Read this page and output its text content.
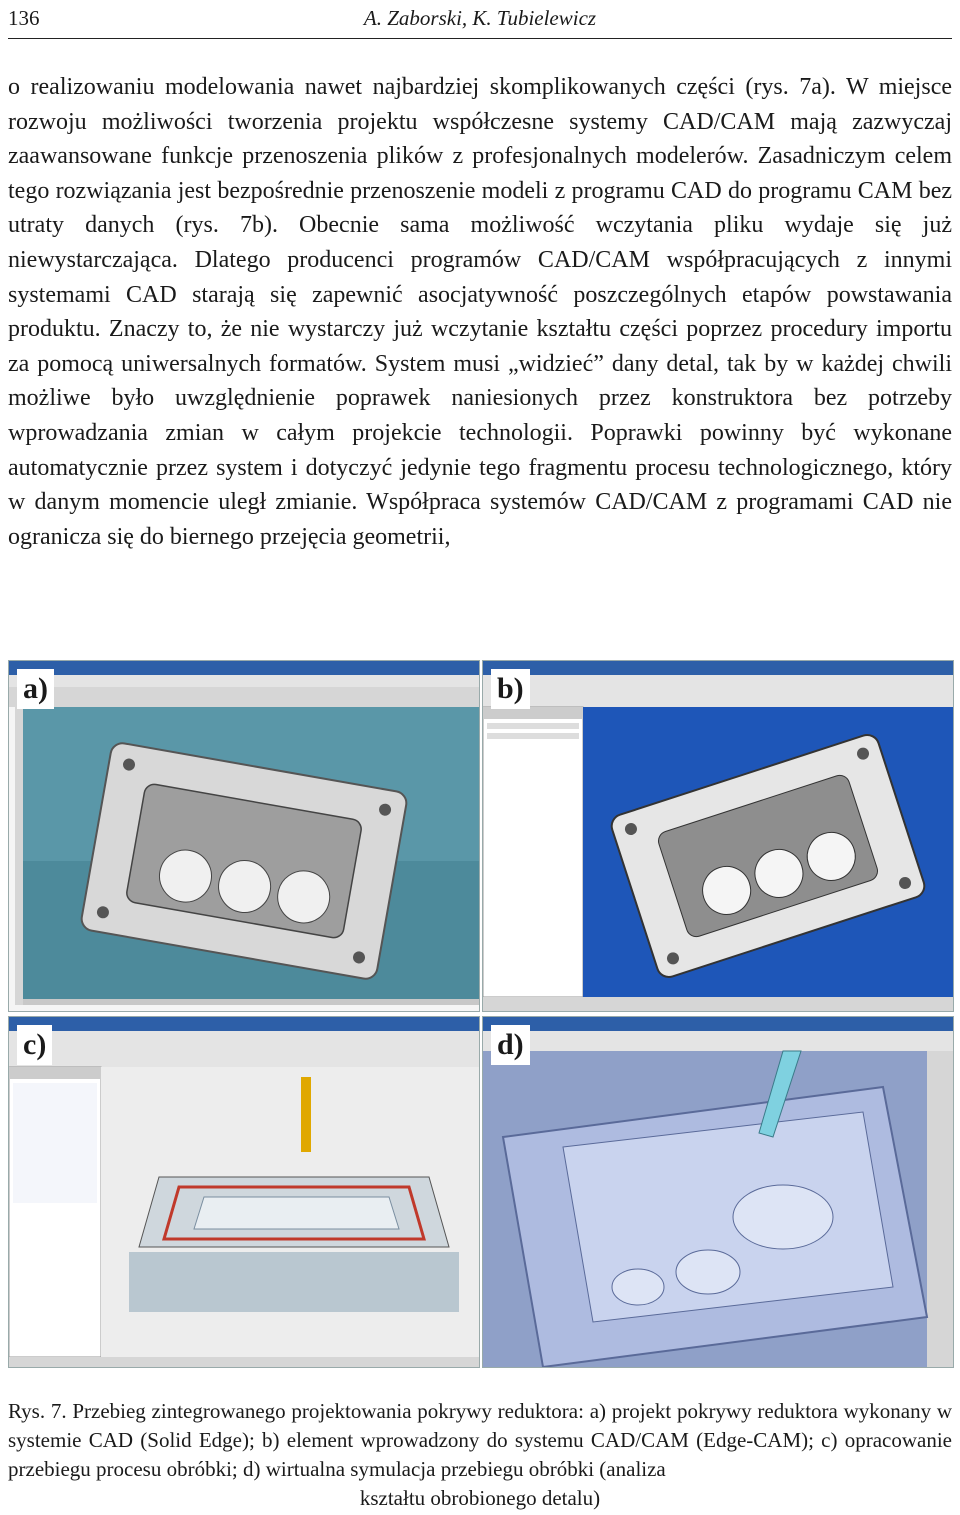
136	A. Zaborski, K. Tubielewicz

o realizowaniu modelowania nawet najbardziej skomplikowanych części (rys. 7a). W miejsce rozwoju możliwości tworzenia projektu współczesne systemy CAD/CAM mają zazwyczaj zaawansowane funkcje przenoszenia plików z profesjonalnych modelerów. Zasadniczym celem tego rozwiązania jest bezpośrednie przenoszenie modeli z programu CAD do programu CAM bez utraty danych (rys. 7b). Obecnie sama możliwość wczytania pliku wydaje się już niewystarczająca. Dlatego producenci programów CAD/CAM współpracujących z innymi systemami CAD starają się zapewnić asocjatywność poszczególnych etapów powstawania produktu. Znaczy to, że nie wystarczy już wczytanie kształtu części poprzez procedury importu za pomocą uniwersalnych formatów. System musi „widzieć” dany detal, tak by w każdej chwili możliwe było uwzględnienie poprawek naniesionych przez konstruktora bez potrzeby wprowadzania zmian w całym projekcie technologii. Poprawki powinny być wykonane automatycznie przez system i dotyczyć jedynie tego fragmentu procesu technologicznego, który w danym momencie uległ zmianie. Współpraca systemów CAD/CAM z programami CAD nie ogranicza się do biernego przejęcia geometrii,

a)	b)
c)	d)
Rys. 7. Przebieg zintegrowanego projektowania pokrywy reduktora: a) projekt pokrywy reduktora wykonany w systemie CAD (Solid Edge); b) element wprowadzony do systemu CAD/CAM (Edge-CAM); c) opracowanie przebiegu procesu obróbki; d) wirtualna symulacja przebiegu obróbki (analiza
kształtu obrobionego detalu)
